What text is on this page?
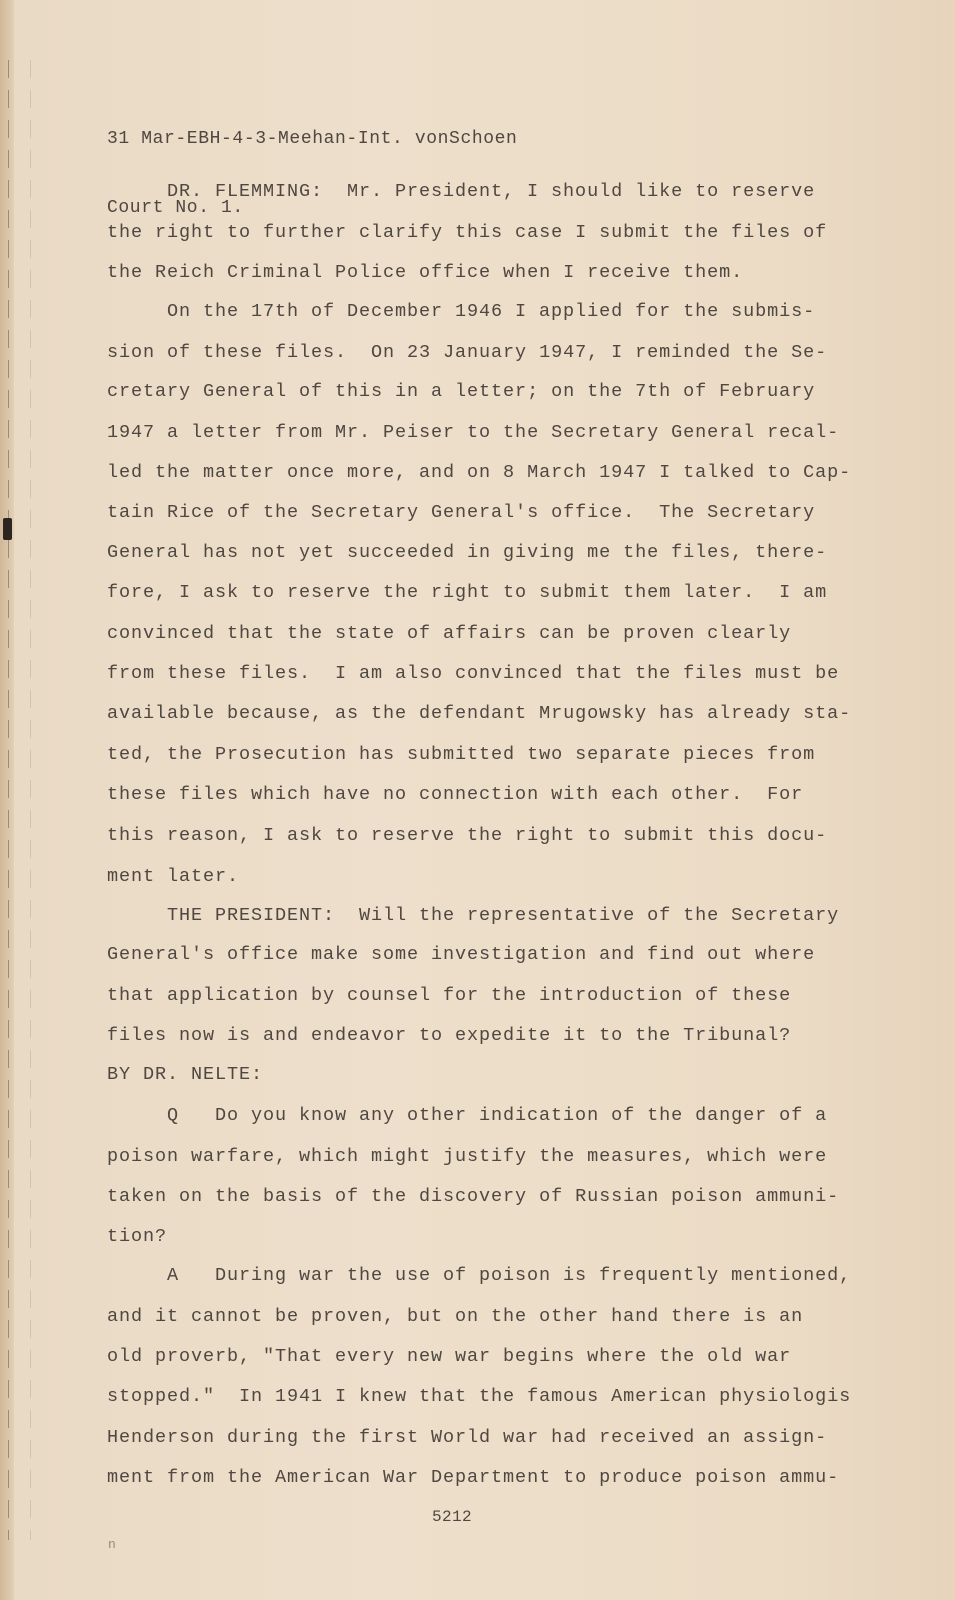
31 Mar-EBH-4-3-Meehan-Int. vonSchoen

Court No. 1.

DR. FLEMMING:  Mr. President, I should like to reserve

the right to further clarify this case I submit the files of

the Reich Criminal Police office when I receive them.

On the 17th of December 1946 I applied for the submis-

sion of these files.  On 23 January 1947, I reminded the Se-

cretary General of this in a letter; on the 7th of February

1947 a letter from Mr. Peiser to the Secretary General recal-

led the matter once more, and on 8 March 1947 I talked to Cap-

tain Rice of the Secretary General's office.  The Secretary

General has not yet succeeded in giving me the files, there-

fore, I ask to reserve the right to submit them later.  I am

convinced that the state of affairs can be proven clearly

from these files.  I am also convinced that the files must be

available because, as the defendant Mrugowsky has already sta-

ted, the Prosecution has submitted two separate pieces from

these files which have no connection with each other.  For

this reason, I ask to reserve the right to submit this docu-

ment later.

THE PRESIDENT:  Will the representative of the Secretary

General's office make some investigation and find out where

that application by counsel for the introduction of these

files now is and endeavor to expedite it to the Tribunal?

BY DR. NELTE:

Q   Do you know any other indication of the danger of a

poison warfare, which might justify the measures, which were

taken on the basis of the discovery of Russian poison ammuni-

tion?

A   During war the use of poison is frequently mentioned,

and it cannot be proven, but on the other hand there is an

old proverb, "That every new war begins where the old war

stopped."  In 1941 I knew that the famous American physiologis

Henderson during the first World war had received an assign-

ment from the American War Department to produce poison ammu-

5212
n
